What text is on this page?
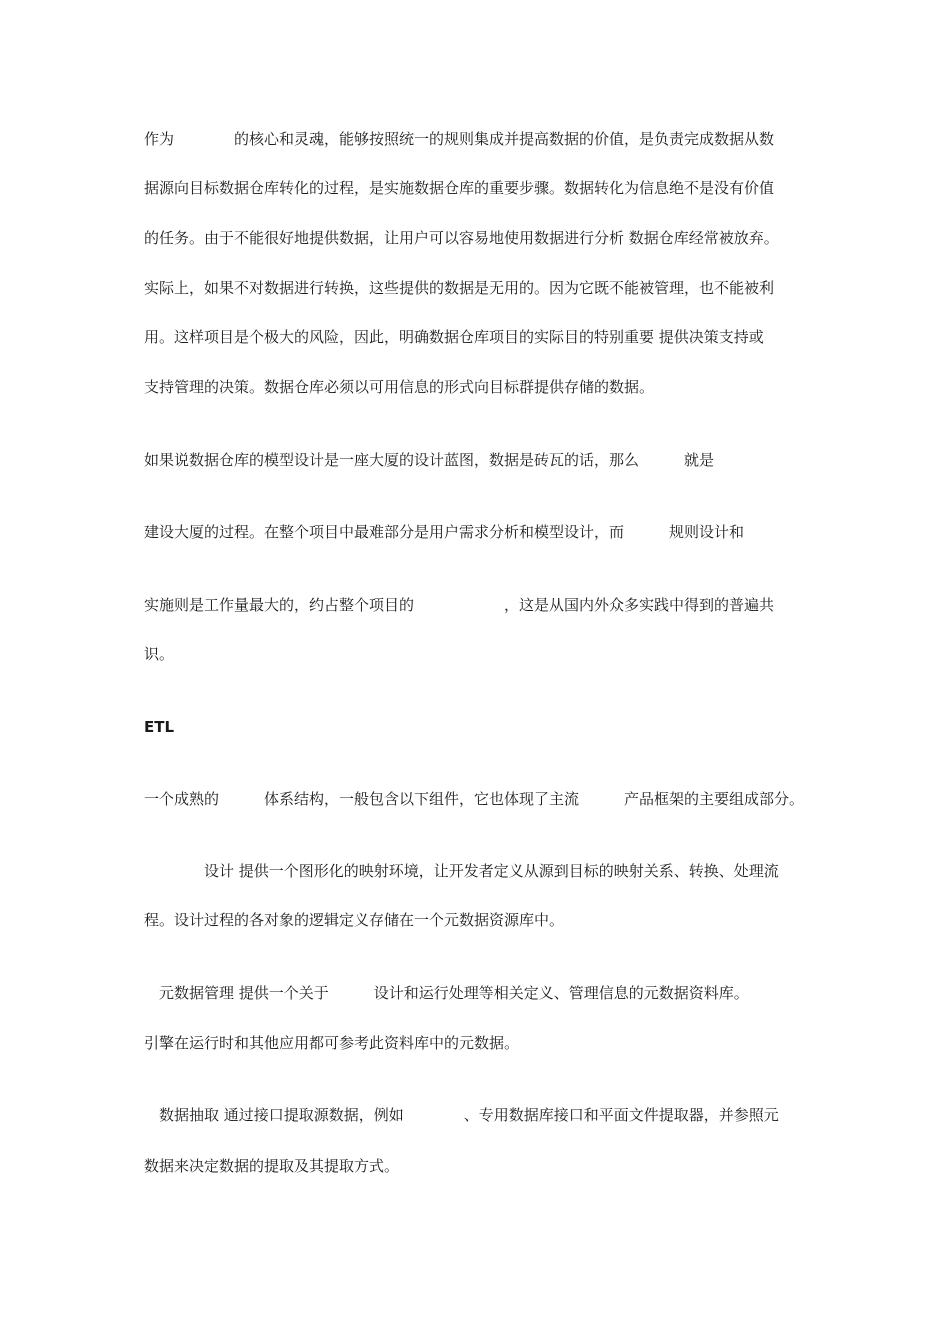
作为　　　　的核心和灵魂，能够按照统一的规则集成并提高数据的价值，是负责完成数据从数
据源向目标数据仓库转化的过程，是实施数据仓库的重要步骤。数据转化为信息绝不是没有价值
的任务。由于不能很好地提供数据，让用户可以容易地使用数据进行分析 数据仓库经常被放弃。
实际上，如果不对数据进行转换，这些提供的数据是无用的。因为它既不能被管理，也不能被利
用。这样项目是个极大的风险，因此，明确数据仓库项目的实际目的特别重要 提供决策支持或
支持管理的决策。数据仓库必须以可用信息的形式向目标群提供存储的数据。
如果说数据仓库的模型设计是一座大厦的设计蓝图，数据是砖瓦的话，那么　　　就是
建设大厦的过程。在整个项目中最难部分是用户需求分析和模型设计，而　　　规则设计和
实施则是工作量最大的，约占整个项目的　　　　　　，这是从国内外众多实践中得到的普遍共
识。
ETL
一个成熟的　　　体系结构，一般包含以下组件，它也体现了主流　　　产品框架的主要组成部分。
　　　　设计 提供一个图形化的映射环境，让开发者定义从源到目标的映射关系、转换、处理流
程。设计过程的各对象的逻辑定义存储在一个元数据资源库中。
　元数据管理 提供一个关于　　　设计和运行处理等相关定义、管理信息的元数据资料库。
引擎在运行时和其他应用都可参考此资料库中的元数据。
　数据抽取 通过接口提取源数据，例如　　　　、专用数据库接口和平面文件提取器，并参照元
数据来决定数据的提取及其提取方式。
